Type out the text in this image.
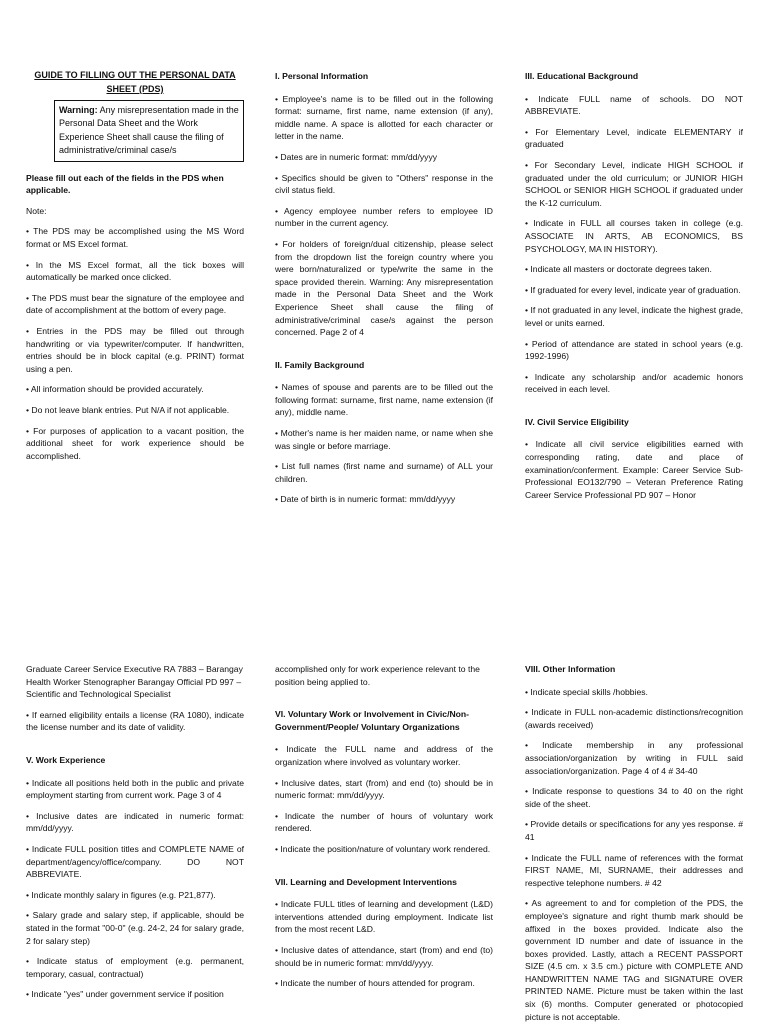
GUIDE TO FILLING OUT THE PERSONAL DATA SHEET (PDS)
Warning: Any misrepresentation made in the Personal Data Sheet and the Work Experience Sheet shall cause the filing of administrative/criminal case/s

Please fill out each of the fields in the PDS when applicable.

Note:

• The PDS may be accomplished using the MS Word format or MS Excel format.

• In the MS Excel format, all the tick boxes will automatically be marked once clicked.

• The PDS must bear the signature of the employee and date of accomplishment at the bottom of every page.

• Entries in the PDS may be filled out through handwriting or via typewriter/computer. If handwritten, entries should be in block capital (e.g. PRINT) format using a pen.

• All information should be provided accurately.

• Do not leave blank entries. Put N/A if not applicable.

• For purposes of application to a vacant position, the additional sheet for work experience should be accomplished.

I. Personal Information

• Employee's name is to be filled out in the following format: surname, first name, name extension (if any), middle name. A space is allotted for each character or letter in the name.

• Dates are in numeric format: mm/dd/yyyy

• Specifics should be given to "Others" response in the civil status field.

• Agency employee number refers to employee ID number in the current agency.

• For holders of foreign/dual citizenship, please select from the dropdown list the foreign country where you were born/naturalized or type/write the same in the space provided therein. Warning: Any misrepresentation made in the Personal Data Sheet and the Work Experience Sheet shall cause the filing of administrative/criminal case/s against the person concerned. Page 2 of 4

II. Family Background

• Names of spouse and parents are to be filled out the following format: surname, first name, name extension (if any), middle name.

• Mother's name is her maiden name, or name when she was single or before marriage.

• List full names (first name and surname) of ALL your children.

• Date of birth is in numeric format: mm/dd/yyyy

III. Educational Background

• Indicate FULL name of schools. DO NOT ABBREVIATE.

• For Elementary Level, indicate ELEMENTARY if graduated

• For Secondary Level, indicate HIGH SCHOOL if graduated under the old curriculum; or JUNIOR HIGH SCHOOL or SENIOR HIGH SCHOOL if graduated under the K-12 curriculum.

• Indicate in FULL all courses taken in college (e.g. ASSOCIATE IN ARTS, AB ECONOMICS, BS PSYCHOLOGY, MA IN HISTORY).

• Indicate all masters or doctorate degrees taken.

• If graduated for every level, indicate year of graduation.

• If not graduated in any level, indicate the highest grade, level or units earned.

• Period of attendance are stated in school years (e.g. 1992-1996)

• Indicate any scholarship and/or academic honors received in each level.

IV. Civil Service Eligibility

• Indicate all civil service eligibilities earned with corresponding rating, date and place of examination/conferment. Example: Career Service Sub-Professional EO132/790 – Veteran Preference Rating Career Service Professional PD 907 – Honor

Graduate Career Service Executive RA 7883 – Barangay Health Worker Stenographer Barangay Official PD 997 – Scientific and Technological Specialist

• If earned eligibility entails a license (RA 1080), indicate the license number and its date of validity.

V. Work Experience

• Indicate all positions held both in the public and private employment starting from current work. Page 3 of 4

• Inclusive dates are indicated in numeric format: mm/dd/yyyy.

• Indicate FULL position titles and COMPLETE NAME of department/agency/office/company. DO NOT ABBREVIATE.

• Indicate monthly salary in figures (e.g. P21,877).

• Salary grade and salary step, if applicable, should be stated in the format "00-0" (e.g. 24-2, 24 for salary grade, 2 for salary step)

• Indicate status of employment (e.g. permanent, temporary, casual, contractual)

• Indicate "yes" under government service if position

accomplished only for work experience relevant to the position being applied to.

VI. Voluntary Work or Involvement in Civic/Non-Government/People/ Voluntary Organizations

• Indicate the FULL name and address of the organization where involved as voluntary worker.

• Inclusive dates, start (from) and end (to) should be in numeric format: mm/dd/yyyy.

• Indicate the number of hours of voluntary work rendered.

• Indicate the position/nature of voluntary work rendered.

VII. Learning and Development Interventions

• Indicate FULL titles of learning and development (L&D) interventions attended during employment. Indicate list from the most recent L&D.

• Inclusive dates of attendance, start (from) and end (to) should be in numeric format: mm/dd/yyyy.

• Indicate the number of hours attended for program.

VIII. Other Information

• Indicate special skills /hobbies.

• Indicate in FULL non-academic distinctions/recognition (awards received)

• Indicate membership in any professional association/organization by writing in FULL said association/organization. Page 4 of 4 # 34-40

• Indicate response to questions 34 to 40 on the right side of the sheet.

• Provide details or specifications for any yes response. # 41

• Indicate the FULL name of references with the format FIRST NAME, MI, SURNAME, their addresses and respective telephone numbers. # 42

• As agreement to and for completion of the PDS, the employee's signature and right thumb mark should be affixed in the boxes provided. Indicate also the government ID number and date of issuance in the boxes provided. Lastly, attach a RECENT PASSPORT SIZE (4.5 cm. x 3.5 cm.) picture with COMPLETE AND HANDWRITTEN NAME TAG and SIGNATURE OVER PRINTED NAME. Picture must be taken within the last six (6) months. Computer generated or photocopied picture is not acceptable.
